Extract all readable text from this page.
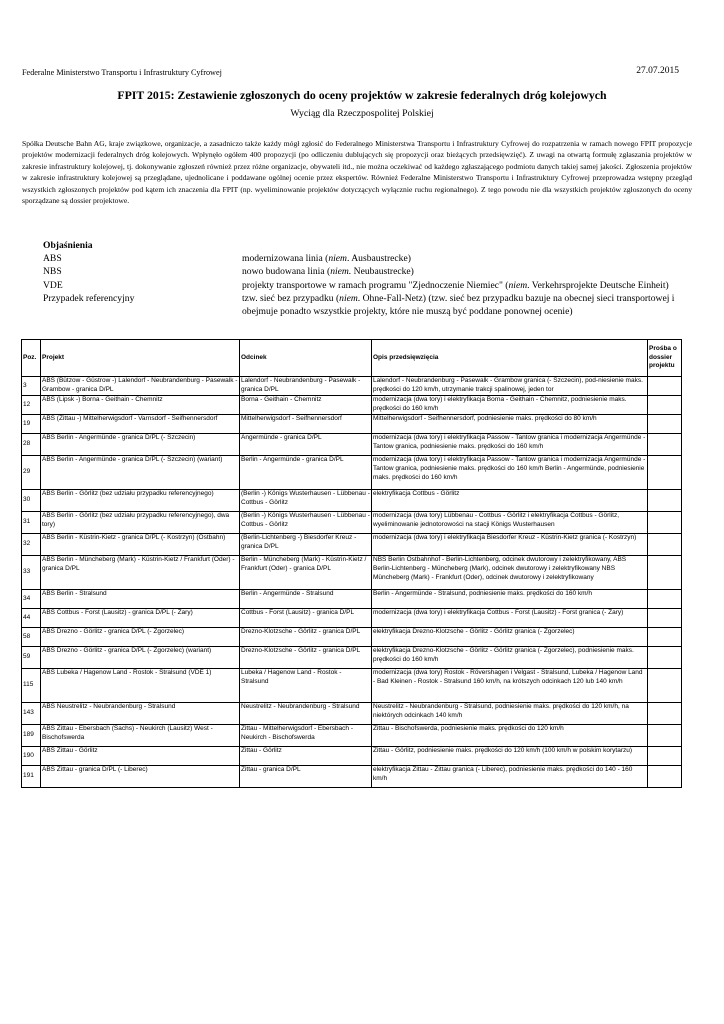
Federalne Ministerstwo Transportu i Infrastruktury Cyfrowej	27.07.2015
FPIT 2015: Zestawienie zgłoszonych do oceny projektów w zakresie federalnych dróg kolejowych
Wyciąg dla Rzeczpospolitej Polskiej
Spółka Deutsche Bahn AG, kraje związkowe, organizacje, a zasadniczo także każdy mógł zgłosić do Federalnego Ministerstwa Transportu i Infrastruktury Cyfrowej do rozpatrzenia w ramach nowego FPIT propozycje projektów modernizacji federalnych dróg kolejowych. Wpłynęło ogółem 400 propozycji (po odliczeniu dublujących się propozycji oraz bieżących przedsięwzięć). Z uwagi na otwartą formułę zgłaszania projektów w zakresie infrastruktury kolejowej, tj. dokonywanie zgłoszeń również przez różne organizacje, obywateli itd., nie można oczekiwać od każdego zgłaszającego podmiotu danych takiej samej jakości. Zgłoszenia projektów w zakresie infrastruktury kolejowej są przeglądane, ujednolicane i poddawane ogólnej ocenie przez ekspertów. Również Federalne Ministerstwo Transportu i Infrastruktury Cyfrowej przeprowadza wstępny przegląd wszystkich zgłoszonych projektów pod kątem ich znaczenia dla FPIT (np. wyeliminowanie projektów dotyczących wyłącznie ruchu regionalnego). Z tego powodu nie dla wszystkich projektów zgłoszonych do oceny sporządzane są dossier projektowe.
Objaśnienia
ABS	modernizowana linia (niem. Ausbaustrecke)
NBS	nowo budowana linia (niem. Neubaustrecke)
VDE	projekty transportowe w ramach programu "Zjednoczenie Niemiec" (niem. Verkehrsprojekte Deutsche Einheit)
Przypadek referencyjny	tzw. sieć bez przypadku (niem. Ohne-Fall-Netz) (tzw. sieć bez przypadku bazuje na obecnej sieci transportowej i obejmuje ponadto wszystkie projekty, które nie muszą być poddane ponownej ocenie)
Poz.	Projekt	Odcinek	Opis przedsięwzięcia	Prośba o dossier projektu
3	ABS (Bützow - Güstrow -) Lalendorf - Neubrandenburg - Pasewalk - Grambow - granica D/PL	Lalendorf - Neubrandenburg - Pasewalk - granica D/PL	Lalendorf - Neubrandenburg - Pasewalk - Grambow granica (- Szczecin), pod-niesienie maks. prędkości do 120 km/h, utrzymanie trakcji spalinowej, jeden tor	
12	ABS (Lipsk -) Borna - Geithain - Chemnitz	Borna - Geithain - Chemnitz	modernizacja (dwa tory) i elektryfikacja Borna - Geithain - Chemnitz, podniesienie maks. prędkości do 160 km/h	
19	ABS (Zittau -) Mittelherwigsdorf - Varnsdorf - Seifhennersdorf	Mittelherwigsdorf - Seifhennersdorf	Mittelherwigsdorf - Seifhennersdorf, podniesienie maks. prędkości do 80 km/h	
28	ABS Berlin - Angermünde - granica D/PL (- Szczecin)	Angermünde - granica D/PL	modernizacja (dwa tory) i elektryfikacja Passow - Tantow granica i modernizacja Angermünde - Tantow granica, podniesienie maks. prędkości do 160 km/h	
29	ABS Berlin - Angermünde - granica D/PL (- Szczecin) (wariant)	Berlin - Angermünde - granica D/PL	modernizacja (dwa tory) i elektryfikacja Passow - Tantow granica i modernizacja Angermünde - Tantow granica, podniesienie maks. prędkości do 160 km/h Berlin - Angermünde, podniesienie maks. prędkości do 160 km/h	
30	ABS Berlin - Görlitz (bez udziału przypadku referencyjnego)	(Berlin -) Königs Wusterhausen - Lübbenau - Cottbus - Görlitz	elektryfikacja Cottbus - Görlitz	
31	ABS Berlin - Görlitz (bez udziału przypadku referencyjnego), dwa tory)	(Berlin -) Königs Wusterhausen - Lübbenau - Cottbus - Görlitz	modernizacja (dwa tory) Lübbenau - Cottbus - Görlitz i elektryfikacja Cottbus - Görlitz, wyeliminowanie jednotorowości na stacji Königs Wusterhausen	
32	ABS Berlin - Küstrin-Kietz - granica D/PL (- Kostrzyn) (Ostbahn)	(Berlin-Lichtenberg -) Biesdorfer Kreuz - granica D/PL	modernizacja (dwa tory) i elektryfikacja Biesdorfer Kreuz - Küstrin-Kietz granica (- Kostrzyn)	
33	ABS Berlin - Müncheberg (Mark) - Küstrin-Kietz / Frankfurt (Oder) - granica D/PL	Berlin - Müncheberg (Mark) - Küstrin-Kietz / Frankfurt (Oder) - granica D/PL	NBS Berlin Ostbahnhof - Berlin-Lichtenberg, odcinek dwutorowy i zelektryfikowany, ABS Berlin-Lichtenberg - Müncheberg (Mark), odcinek dwutorowy i zelektryfikowany NBS Müncheberg (Mark) - Frankfurt (Oder), odcinek dwutorowy i zelektryfikowany	
34	ABS Berlin - Stralsund	Berlin - Angermünde - Stralsund	Berlin - Angermünde - Stralsund, podniesienie maks. prędkości do 160 km/h	
44	ABS Cottbus - Forst (Lausitz) - granica D/PL (- Żary)	Cottbus - Forst (Lausitz) - granica D/PL	modernizacja (dwa tory) i elektryfikacja Cottbus - Forst (Lausitz) - Forst granica (- Żary)	
58	ABS Drezno - Görlitz - granica D/PL (- Zgorzelec)	Drezno-Klotzsche - Görlitz - granica D/PL	elektryfikacja Drezno-Klotzsche - Görlitz - Görlitz granica (- Zgorzelec)	
59	ABS Drezno - Görlitz - granica D/PL (- Zgorzelec) (wariant)	Drezno-Klotzsche - Görlitz - granica D/PL	elektryfikacja Drezno-Klotzsche - Görlitz - Görlitz granica (- Zgorzelec), podniesienie maks. prędkości do 160 km/h	
115	ABS Lubeka / Hagenow Land - Rostok - Stralsund (VDE 1)	Lubeka / Hagenow Land - Rostok - Stralsund	modernizacja (dwa tory) Rostok - Rövershagen i Velgast - Stralsund, Lubeka / Hagenow Land - Bad Kleinen - Rostok - Stralsund 160 km/h, na krótszych odcinkach 120 lub 140 km/h	
143	ABS Neustrelitz - Neubrandenburg - Stralsund	Neustrelitz - Neubrandenburg - Stralsund	Neustrelitz - Neubrandenburg - Stralsund, podniesienie maks. prędkości do 120 km/h, na niektórych odcinkach 140 km/h	
189	ABS Zittau - Ebersbach (Sachs) - Neukirch (Lausitz) West - Bischofswerda	Zittau - Mittelherwigsdorf - Ebersbach - Neukirch - Bischofswerda	Zittau - Bischofswerda, podniesienie maks. prędkości do 120 km/h	
190	ABS Zittau - Görlitz	Zittau - Görlitz	Zittau - Görlitz, podniesienie maks. prędkości do 120 km/h (100 km/h w polskim korytarzu)	
191	ABS Zittau - granica D/PL (- Liberec)	Zittau - granica D/PL	elektryfikacja Zittau - Zittau granica (- Liberec), podniesienie maks. prędkości do 140 - 160 km/h	
